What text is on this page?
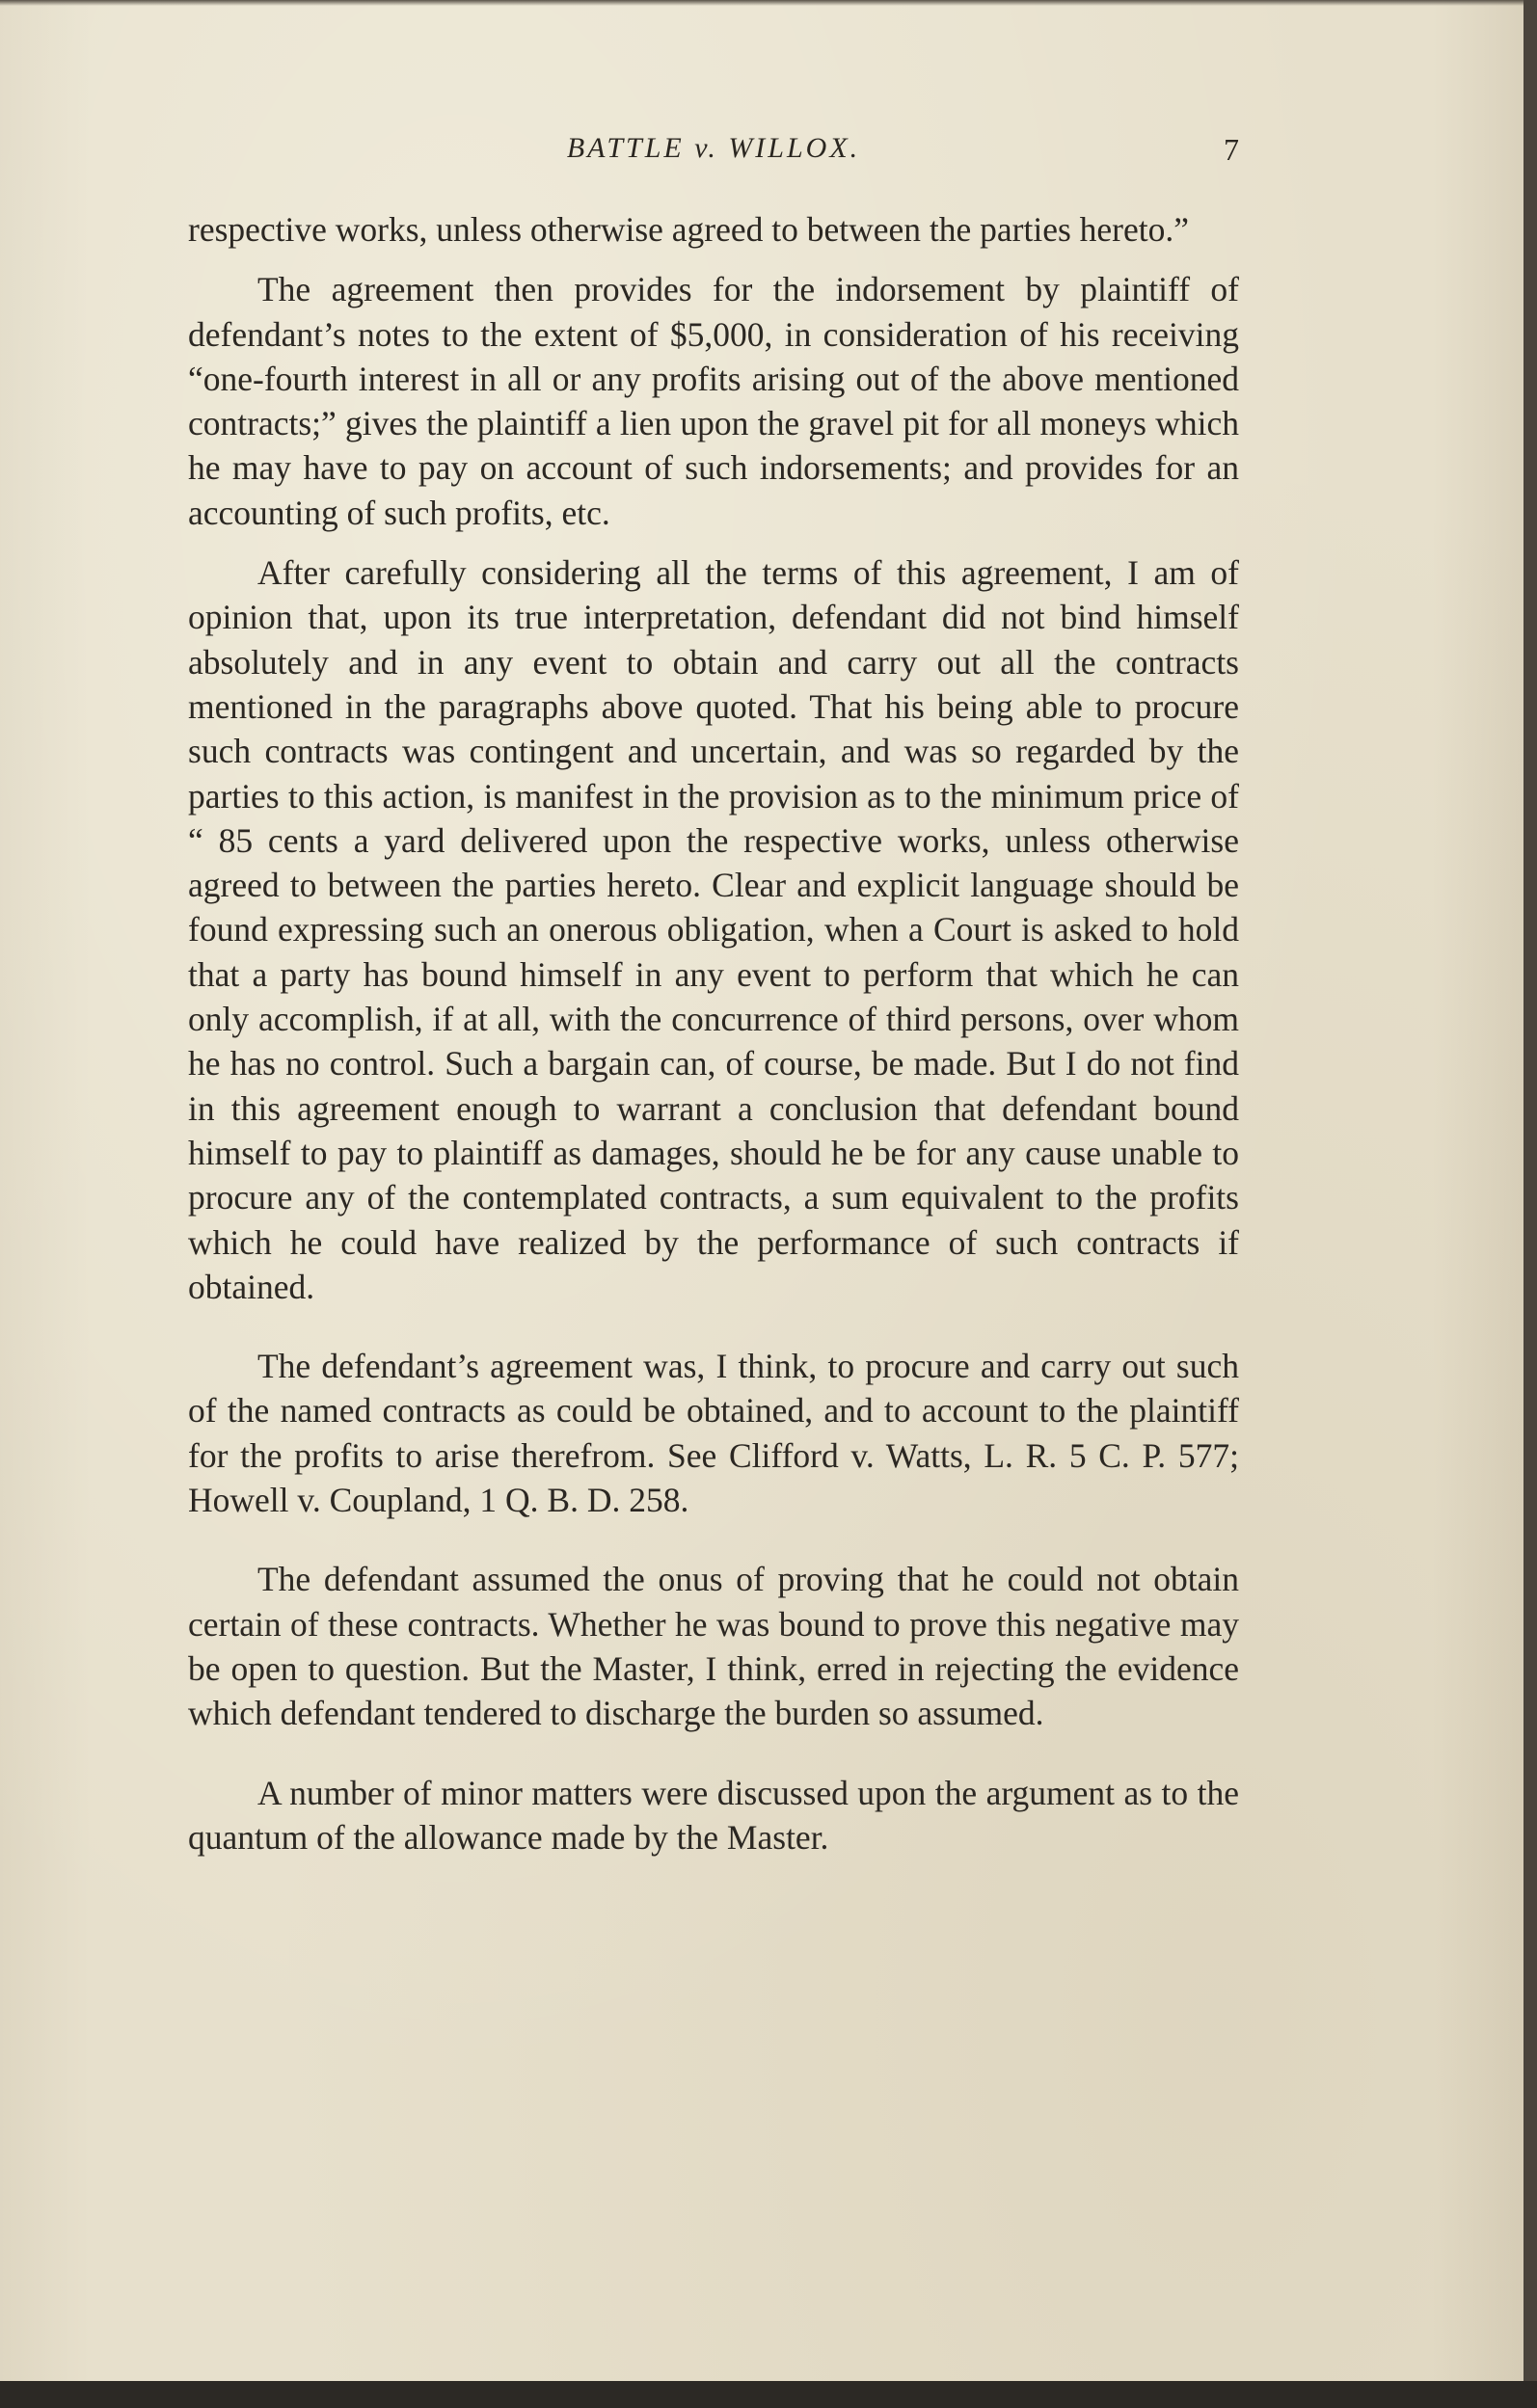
BATTLE v. WILLOX.	7

respective works, unless otherwise agreed to between the parties hereto.”

The agreement then provides for the indorsement by plaintiff of defendant’s notes to the extent of $5,000, in consideration of his receiving “one-fourth interest in all or any profits arising out of the above mentioned contracts;” gives the plaintiff a lien upon the gravel pit for all moneys which he may have to pay on account of such indorsements; and provides for an accounting of such profits, etc.

After carefully considering all the terms of this agreement, I am of opinion that, upon its true interpretation, defendant did not bind himself absolutely and in any event to obtain and carry out all the contracts mentioned in the paragraphs above quoted. That his being able to procure such contracts was contingent and uncertain, and was so regarded by the parties to this action, is manifest in the provision as to the minimum price of “ 85 cents a yard delivered upon the respective works, unless otherwise agreed to between the parties hereto. Clear and explicit language should be found expressing such an onerous obligation, when a Court is asked to hold that a party has bound himself in any event to perform that which he can only accomplish, if at all, with the concurrence of third persons, over whom he has no control. Such a bargain can, of course, be made. But I do not find in this agreement enough to warrant a conclusion that defendant bound himself to pay to plaintiff as damages, should he be for any cause unable to procure any of the contemplated contracts, a sum equivalent to the profits which he could have realized by the performance of such contracts if obtained.

The defendant’s agreement was, I think, to procure and carry out such of the named contracts as could be obtained, and to account to the plaintiff for the profits to arise therefrom. See Clifford v. Watts, L. R. 5 C. P. 577; Howell v. Coupland, 1 Q. B. D. 258.

The defendant assumed the onus of proving that he could not obtain certain of these contracts. Whether he was bound to prove this negative may be open to question. But the Master, I think, erred in rejecting the evidence which defendant tendered to discharge the burden so assumed.

A number of minor matters were discussed upon the argument as to the quantum of the allowance made by the Master.
